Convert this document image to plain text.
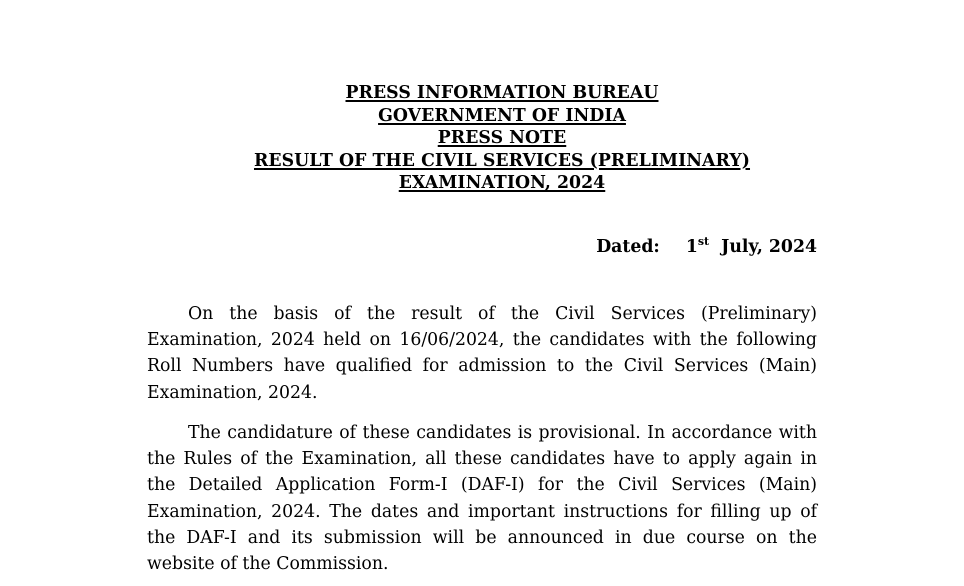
PRESS INFORMATION BUREAU
GOVERNMENT OF INDIA
PRESS NOTE
RESULT OF THE CIVIL SERVICES (PRELIMINARY)
EXAMINATION, 2024
Dated: 1st July, 2024

On the basis of the result of the Civil Services (Preliminary) Examination, 2024 held on 16/06/2024, the candidates with the following Roll Numbers have qualified for admission to the Civil Services (Main) Examination, 2024.

The candidature of these candidates is provisional. In accordance with the Rules of the Examination, all these candidates have to apply again in the Detailed Application Form-I (DAF-I) for the Civil Services (Main) Examination, 2024. The dates and important instructions for filling up of the DAF-I and its submission will be announced in due course on the website of the Commission.
